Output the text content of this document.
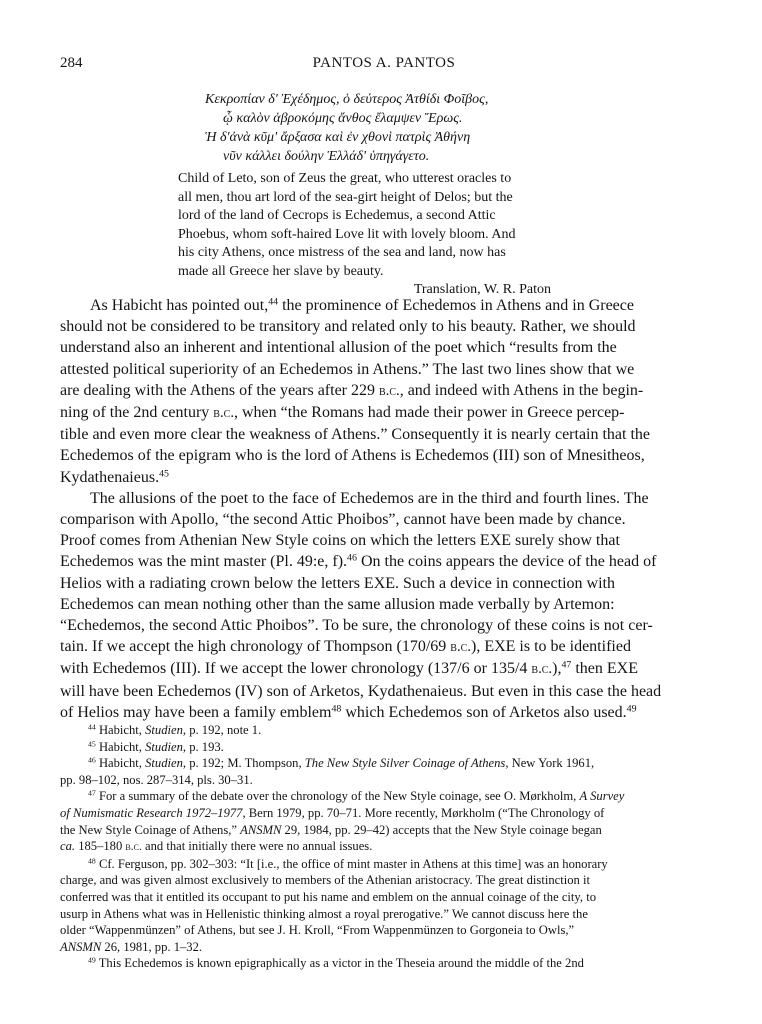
284	PANTOS A. PANTOS
Κεκροπίαν δ' Ἐχέδημος, ὁ δεύτερος Ἀτθίδι Φοῖβος,
ᾧ καλὸν ἁβροκόμης ἄνθος ἔλαμψεν Ἔρως.
Ἡ δ'ἀνὰ κῦμ' ἄρξασα καὶ ἐν χθονὶ πατρὶς Ἀθήνη
νῦν κάλλει δούλην Ἑλλάδ' ὑπηγάγετο.
Child of Leto, son of Zeus the great, who utterest oracles to
all men, thou art lord of the sea-girt height of Delos; but the
lord of the land of Cecrops is Echedemus, a second Attic
Phoebus, whom soft-haired Love lit with lovely bloom. And
his city Athens, once mistress of the sea and land, now has
made all Greece her slave by beauty.
Translation, W. R. Paton
As Habicht has pointed out,$^{44}$ the prominence of Echedemos in Athens and in Greece
should not be considered to be transitory and related only to his beauty. Rather, we should
understand also an inherent and intentional allusion of the poet which “results from the
attested political superiority of an Echedemos in Athens.” The last two lines show that we
are dealing with the Athens of the years after 229 b.c., and indeed with Athens in the begin-
ning of the 2nd century b.c., when “the Romans had made their power in Greece percep-
tible and even more clear the weakness of Athens.” Consequently it is nearly certain that the
Echedemos of the epigram who is the lord of Athens is Echedemos (III) son of Mnesitheos,
Kydathenaieus.$^{45}$
The allusions of the poet to the face of Echedemos are in the third and fourth lines. The
comparison with Apollo, “the second Attic Phoibos”, cannot have been made by chance.
Proof comes from Athenian New Style coins on which the letters EXE surely show that
Echedemos was the mint master (Pl. 49:e, f).$^{46}$ On the coins appears the device of the head of
Helios with a radiating crown below the letters EXE. Such a device in connection with
Echedemos can mean nothing other than the same allusion made verbally by Artemon:
“Echedemos, the second Attic Phoibos”. To be sure, the chronology of these coins is not cer-
tain. If we accept the high chronology of Thompson (170/69 b.c.), EXE is to be identified
with Echedemos (III). If we accept the lower chronology (137/6 or 135/4 b.c.),$^{47}$ then EXE
will have been Echedemos (IV) son of Arketos, Kydathenaieus. But even in this case the head
of Helios may have been a family emblem$^{48}$ which Echedemos son of Arketos also used.$^{49}$
$^{44}$ Habicht, Studien, p. 192, note 1.
$^{45}$ Habicht, Studien, p. 193.
$^{46}$ Habicht, Studien, p. 192; M. Thompson, The New Style Silver Coinage of Athens, New York 1961,
pp. 98–102, nos. 287–314, pls. 30–31.
$^{47}$ For a summary of the debate over the chronology of the New Style coinage, see O. Mørkholm, A Survey
of Numismatic Research 1972–1977, Bern 1979, pp. 70–71. More recently, Mørkholm (“The Chronology of
the New Style Coinage of Athens,” ANSMN 29, 1984, pp. 29–42) accepts that the New Style coinage began
ca. 185–180 b.c. and that initially there were no annual issues.
$^{48}$ Cf. Ferguson, pp. 302–303: “It [i.e., the office of mint master in Athens at this time] was an honorary
charge, and was given almost exclusively to members of the Athenian aristocracy. The great distinction it
conferred was that it entitled its occupant to put his name and emblem on the annual coinage of the city, to
usurp in Athens what was in Hellenistic thinking almost a royal prerogative.” We cannot discuss here the
older “Wappenmünzen” of Athens, but see J. H. Kroll, “From Wappenmünzen to Gorgoneia to Owls,”
ANSMN 26, 1981, pp. 1–32.
$^{49}$ This Echedemos is known epigraphically as a victor in the Theseia around the middle of the 2nd
